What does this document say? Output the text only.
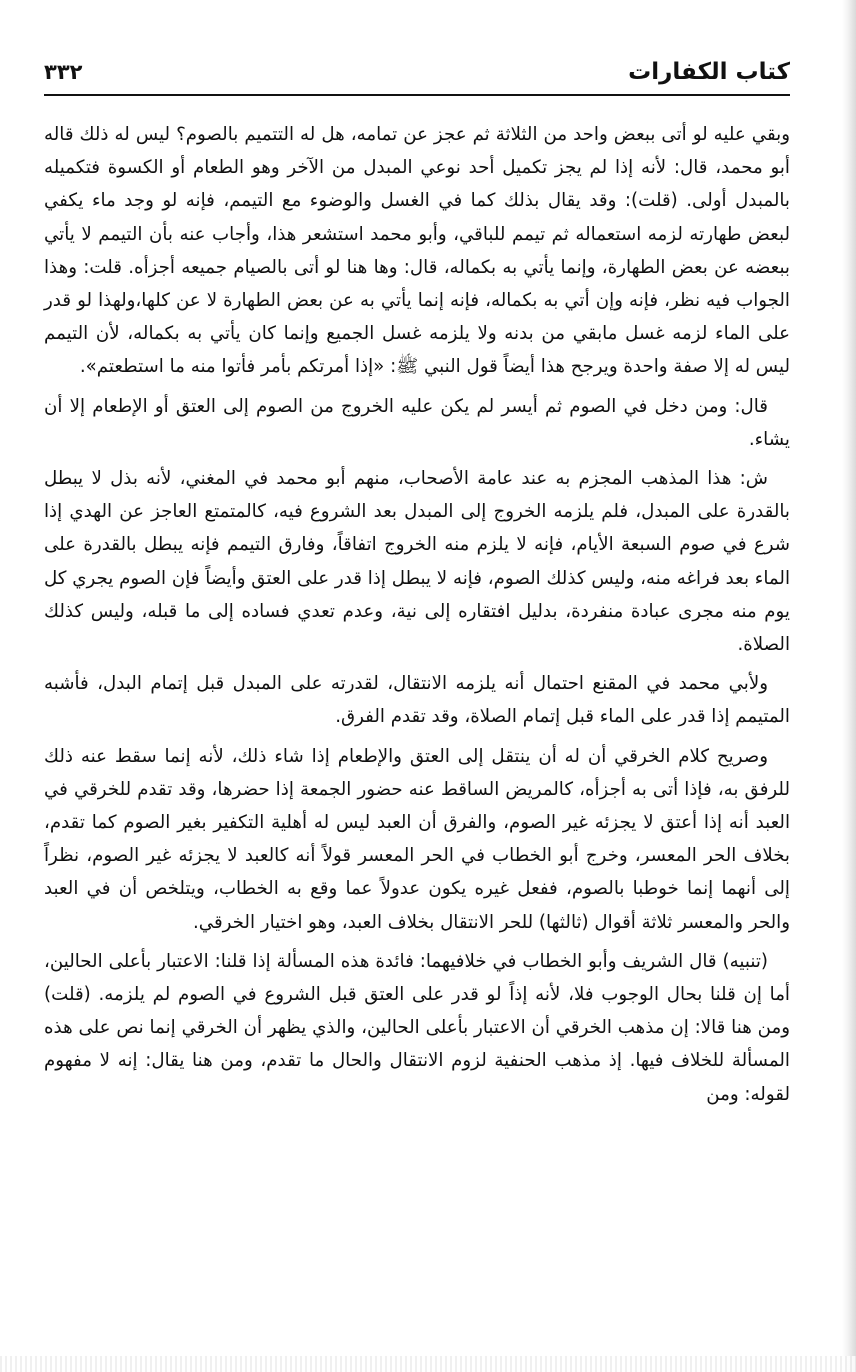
كتاب الكفارات
٣٣٢

وبقي عليه لو أتى ببعض واحد من الثلاثة ثم عجز عن تمامه، هل له التتميم بالصوم؟ ليس له ذلك قاله أبو محمد، قال: لأنه إذا لم يجز تكميل أحد نوعي المبدل من الآخر وهو الطعام أو الكسوة فتكميله بالمبدل أولى. (قلت): وقد يقال بذلك كما في الغسل والوضوء مع التيمم، فإنه لو وجد ماء يكفي لبعض طهارته لزمه استعماله ثم تيمم للباقي، وأبو محمد استشعر هذا، وأجاب عنه بأن التيمم لا يأتي ببعضه عن بعض الطهارة، وإنما يأتي به بكماله، قال: وها هنا لو أتى بالصيام جميعه أجزأه. قلت: وهذا الجواب فيه نظر، فإنه وإن أتي به بكماله، فإنه إنما يأتي به عن بعض الطهارة لا عن كلها،ولهذا لو قدر على الماء لزمه غسل مابقي من بدنه ولا يلزمه غسل الجميع وإنما كان يأتي به بكماله، لأن التيمم ليس له إلا صفة واحدة ويرجح هذا أيضاً قول النبي ﷺ: «إذا أمرتكم بأمر فأتوا منه ما استطعتم».

قال: ومن دخل في الصوم ثم أيسر لم يكن عليه الخروج من الصوم إلى العتق أو الإطعام إلا أن يشاء.

ش: هذا المذهب المجزم به عند عامة الأصحاب، منهم أبو محمد في المغني، لأنه بذل لا يبطل بالقدرة على المبدل، فلم يلزمه الخروج إلى المبدل بعد الشروع فيه، كالمتمتع العاجز عن الهدي إذا شرع في صوم السبعة الأيام، فإنه لا يلزم منه الخروج اتفاقاً، وفارق التيمم فإنه يبطل بالقدرة على الماء بعد فراغه منه، وليس كذلك الصوم، فإنه لا يبطل إذا قدر على العتق وأيضاً فإن الصوم يجري كل يوم منه مجرى عبادة منفردة، بدليل افتقاره إلى نية، وعدم تعدي فساده إلى ما قبله، وليس كذلك الصلاة.

ولأبي محمد في المقنع احتمال أنه يلزمه الانتقال، لقدرته على المبدل قبل إتمام البدل، فأشبه المتيمم إذا قدر على الماء قبل إتمام الصلاة، وقد تقدم الفرق.

وصريح كلام الخرقي أن له أن ينتقل إلى العتق والإطعام إذا شاء ذلك، لأنه إنما سقط عنه ذلك للرفق به، فإذا أتى به أجزأه، كالمريض الساقط عنه حضور الجمعة إذا حضرها، وقد تقدم للخرقي في العبد أنه إذا أعتق لا يجزئه غير الصوم، والفرق أن العبد ليس له أهلية التكفير بغير الصوم كما تقدم، بخلاف الحر المعسر، وخرج أبو الخطاب في الحر المعسر قولاً أنه كالعبد لا يجزئه غير الصوم، نظراً إلى أنهما إنما خوطبا بالصوم، ففعل غيره يكون عدولاً عما وقع به الخطاب، ويتلخص أن في العبد والحر والمعسر ثلاثة أقوال (ثالثها) للحر الانتقال بخلاف العبد، وهو اختيار الخرقي.

(تنبيه) قال الشريف وأبو الخطاب في خلافيهما: فائدة هذه المسألة إذا قلنا: الاعتبار بأعلى الحالين، أما إن قلنا بحال الوجوب فلا، لأنه إذاً لو قدر على العتق قبل الشروع في الصوم لم يلزمه. (قلت) ومن هنا قالا: إن مذهب الخرقي أن الاعتبار بأعلى الحالين، والذي يظهر أن الخرقي إنما نص على هذه المسألة للخلاف فيها. إذ مذهب الحنفية لزوم الانتقال والحال ما تقدم، ومن هنا يقال: إنه لا مفهوم لقوله: ومن
